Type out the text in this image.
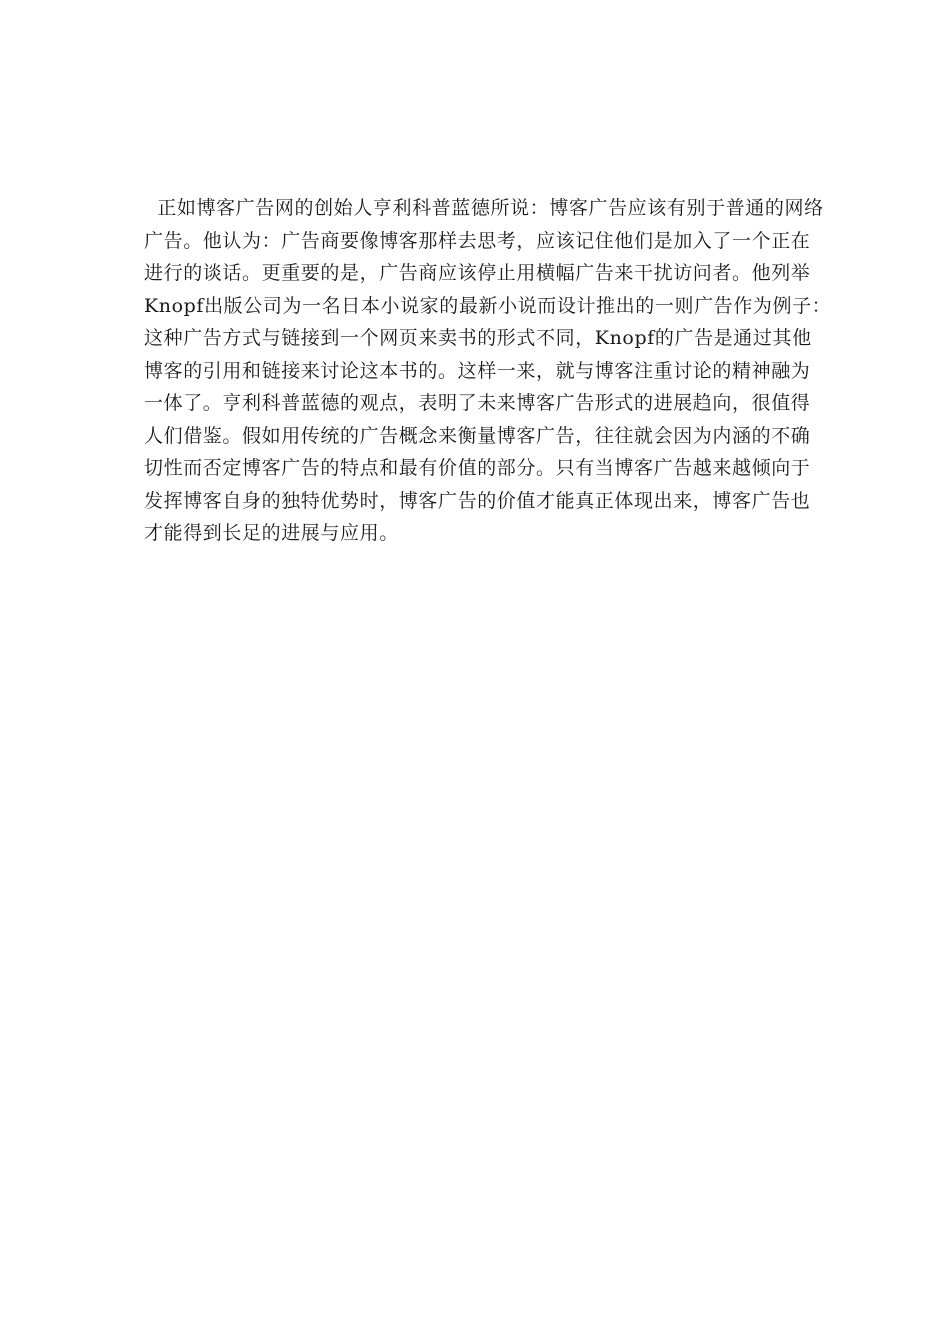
正如博客广告网的创始人亨利科普蓝德所说：博客广告应该有别于普通的网络
广告。他认为：广告商要像博客那样去思考，应该记住他们是加入了一个正在
进行的谈话。更重要的是，广告商应该停止用横幅广告来干扰访问者。他列举
Knopf出版公司为一名日本小说家的最新小说而设计推出的一则广告作为例子：
这种广告方式与链接到一个网页来卖书的形式不同，Knopf的广告是通过其他
博客的引用和链接来讨论这本书的。这样一来，就与博客注重讨论的精神融为
一体了。亨利科普蓝德的观点，表明了未来博客广告形式的进展趋向，很值得
人们借鉴。假如用传统的广告概念来衡量博客广告，往往就会因为内涵的不确
切性而否定博客广告的特点和最有价值的部分。只有当博客广告越来越倾向于
发挥博客自身的独特优势时，博客广告的价值才能真正体现出来，博客广告也
才能得到长足的进展与应用。
